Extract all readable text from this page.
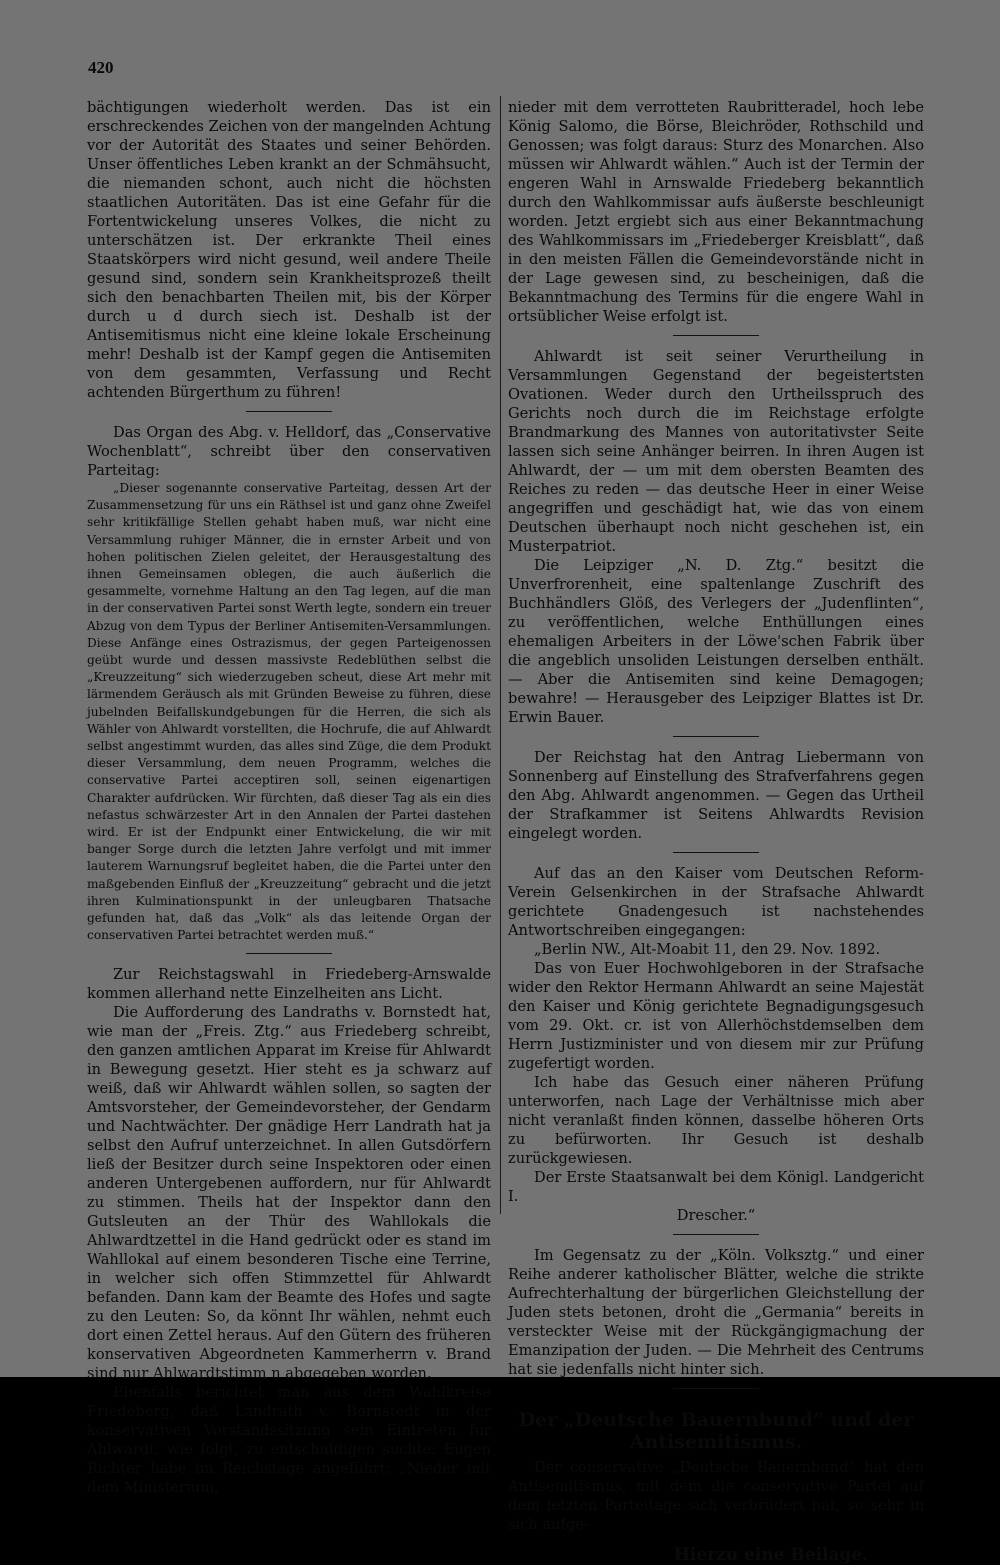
420

bächtigungen wiederholt werden. Das ist ein erschreckendes Zeichen von der mangelnden Achtung vor der Autorität des Staates und seiner Behörden. Unser öffentliches Leben krankt an der Schmähsucht, die niemanden schont, auch nicht die höchsten staatlichen Autoritäten. Das ist eine Gefahr für die Fortentwickelung unseres Volkes, die nicht zu unterschätzen ist. Der erkrankte Theil eines Staatskörpers wird nicht gesund, weil andere Theile gesund sind, sondern sein Krankheitsprozeß theilt sich den benachbarten Theilen mit, bis der Körper durch u d durch siech ist. Deshalb ist der Antisemitismus nicht eine kleine lokale Erscheinung mehr! Deshalb ist der Kampf gegen die Antisemiten von dem gesammten, Verfassung und Recht achtenden Bürgerthum zu führen!

Das Organ des Abg. v. Helldorf, das „Conservative Wochenblatt“, schreibt über den conservativen Parteitag:

„Dieser sogenannte conservative Parteitag, dessen Art der Zusammensetzung für uns ein Räthsel ist und ganz ohne Zweifel sehr kritikfällige Stellen gehabt haben muß, war nicht eine Versammlung ruhiger Männer, die in ernster Arbeit und von hohen politischen Zielen geleitet, der Herausgestaltung des ihnen Gemeinsamen oblegen, die auch äußerlich die gesammelte, vornehme Haltung an den Tag legen, auf die man in der conservativen Partei sonst Werth legte, sondern ein treuer Abzug von dem Typus der Berliner Antisemiten-Versammlungen. Diese Anfänge eines Ostrazismus, der gegen Parteigenossen geübt wurde und dessen massivste Redeblüthen selbst die „Kreuzzeitung“ sich wiederzugeben scheut, diese Art mehr mit lärmendem Geräusch als mit Gründen Beweise zu führen, diese jubelnden Beifallskundgebungen für die Herren, die sich als Wähler von Ahlwardt vorstellten, die Hochrufe, die auf Ahlwardt selbst angestimmt wurden, das alles sind Züge, die dem Produkt dieser Versammlung, dem neuen Programm, welches die conservative Partei acceptiren soll, seinen eigenartigen Charakter aufdrücken. Wir fürchten, daß dieser Tag als ein dies nefastus schwärzester Art in den Annalen der Partei dastehen wird. Er ist der Endpunkt einer Entwickelung, die wir mit banger Sorge durch die letzten Jahre verfolgt und mit immer lauterem Warnungsruf begleitet haben, die die Partei unter den maßgebenden Einfluß der „Kreuzzeitung“ gebracht und die jetzt ihren Kulminationspunkt in der unleugbaren Thatsache gefunden hat, daß das „Volk“ als das leitende Organ der conservativen Partei betrachtet werden muß.“

Zur Reichstagswahl in Friedeberg-Arnswalde kommen allerhand nette Einzelheiten ans Licht.

Die Aufforderung des Landraths v. Bornstedt hat, wie man der „Freis. Ztg.“ aus Friedeberg schreibt, den ganzen amtlichen Apparat im Kreise für Ahlwardt in Bewegung gesetzt. Hier steht es ja schwarz auf weiß, daß wir Ahlwardt wählen sollen, so sagten der Amtsvorsteher, der Gemeindevorsteher, der Gendarm und Nachtwächter. Der gnädige Herr Landrath hat ja selbst den Aufruf unterzeichnet. In allen Gutsdörfern ließ der Besitzer durch seine Inspektoren oder einen anderen Untergebenen auffordern, nur für Ahlwardt zu stimmen. Theils hat der Inspektor dann den Gutsleuten an der Thür des Wahllokals die Ahlwardtzettel in die Hand gedrückt oder es stand im Wahllokal auf einem besonderen Tische eine Terrine, in welcher sich offen Stimmzettel für Ahlwardt befanden. Dann kam der Beamte des Hofes und sagte zu den Leuten: So, da könnt Ihr wählen, nehmt euch dort einen Zettel heraus. Auf den Gütern des früheren konservativen Abgeordneten Kammerherrn v. Brand sind nur Ahlwardtstimm n abgegeben worden.

Ebenfalls berichtet man aus dem Wahlkreise Friedeberg, daß Landrath v. Bornstedt in der konservativen Vorstandssitzung sein Eintreten für Ahlwardt, wie folgt, zu entschuldigen suchte: Eugen Richter habe im Reichstage angeführt: „Nieder mit dem Ministerium,

nieder mit dem verrotteten Raubritteradel, hoch lebe König Salomo, die Börse, Bleichröder, Rothschild und Genossen; was folgt daraus: Sturz des Monarchen. Also müssen wir Ahlwardt wählen.“ Auch ist der Termin der engeren Wahl in Arnswalde Friedeberg bekanntlich durch den Wahlkommissar aufs äußerste beschleunigt worden. Jetzt ergiebt sich aus einer Bekanntmachung des Wahlkommissars im „Friedeberger Kreisblatt“, daß in den meisten Fällen die Gemeindevorstände nicht in der Lage gewesen sind, zu bescheinigen, daß die Bekanntmachung des Termins für die engere Wahl in ortsüblicher Weise erfolgt ist.

Ahlwardt ist seit seiner Verurtheilung in Versammlungen Gegenstand der begeistertsten Ovationen. Weder durch den Urtheilsspruch des Gerichts noch durch die im Reichstage erfolgte Brandmarkung des Mannes von autoritativster Seite lassen sich seine Anhänger beirren. In ihren Augen ist Ahlwardt, der — um mit dem obersten Beamten des Reiches zu reden — das deutsche Heer in einer Weise angegriffen und geschädigt hat, wie das von einem Deutschen überhaupt noch nicht geschehen ist, ein Musterpatriot.

Die Leipziger „N. D. Ztg.“ besitzt die Unverfrorenheit, eine spaltenlange Zuschrift des Buchhändlers Glöß, des Verlegers der „Judenflinten“, zu veröffentlichen, welche Enthüllungen eines ehemaligen Arbeiters in der Löwe'schen Fabrik über die angeblich unsoliden Leistungen derselben enthält. — Aber die Antisemiten sind keine Demagogen; bewahre! — Herausgeber des Leipziger Blattes ist Dr. Erwin Bauer.

Der Reichstag hat den Antrag Liebermann von Sonnenberg auf Einstellung des Strafverfahrens gegen den Abg. Ahlwardt angenommen. — Gegen das Urtheil der Strafkammer ist Seitens Ahlwardts Revision eingelegt worden.

Auf das an den Kaiser vom Deutschen Reform-Verein Gelsenkirchen in der Strafsache Ahlwardt gerichtete Gnadengesuch ist nachstehendes Antwortschreiben eingegangen:

„Berlin NW., Alt-Moabit 11, den 29. Nov. 1892.

Das von Euer Hochwohlgeboren in der Strafsache wider den Rektor Hermann Ahlwardt an seine Majestät den Kaiser und König gerichtete Begnadigungsgesuch vom 29. Okt. cr. ist von Allerhöchstdemselben dem Herrn Justizminister und von diesem mir zur Prüfung zugefertigt worden.

Ich habe das Gesuch einer näheren Prüfung unterworfen, nach Lage der Verhältnisse mich aber nicht veranlaßt finden können, dasselbe höheren Orts zu befürworten. Ihr Gesuch ist deshalb zurückgewiesen.

Der Erste Staatsanwalt bei dem Königl. Landgericht I.

Drescher.“

Im Gegensatz zu der „Köln. Volksztg.“ und einer Reihe anderer katholischer Blätter, welche die strikte Aufrechterhaltung der bürgerlichen Gleichstellung der Juden stets betonen, droht die „Germania“ bereits in versteckter Weise mit der Rückgängigmachung der Emanzipation der Juden. — Die Mehrheit des Centrums hat sie jedenfalls nicht hinter sich.

Der „Deutsche Bauernbund“ und der Antisemitismus.

Der conservative „Deutsche Bauernbund“ hat den Antisemitismus, mit dem die conservative Partei auf dem letzten Parteitage sich verbrüdert hat, so sehr in sich aufge-

Hierzu eine Beilage.
